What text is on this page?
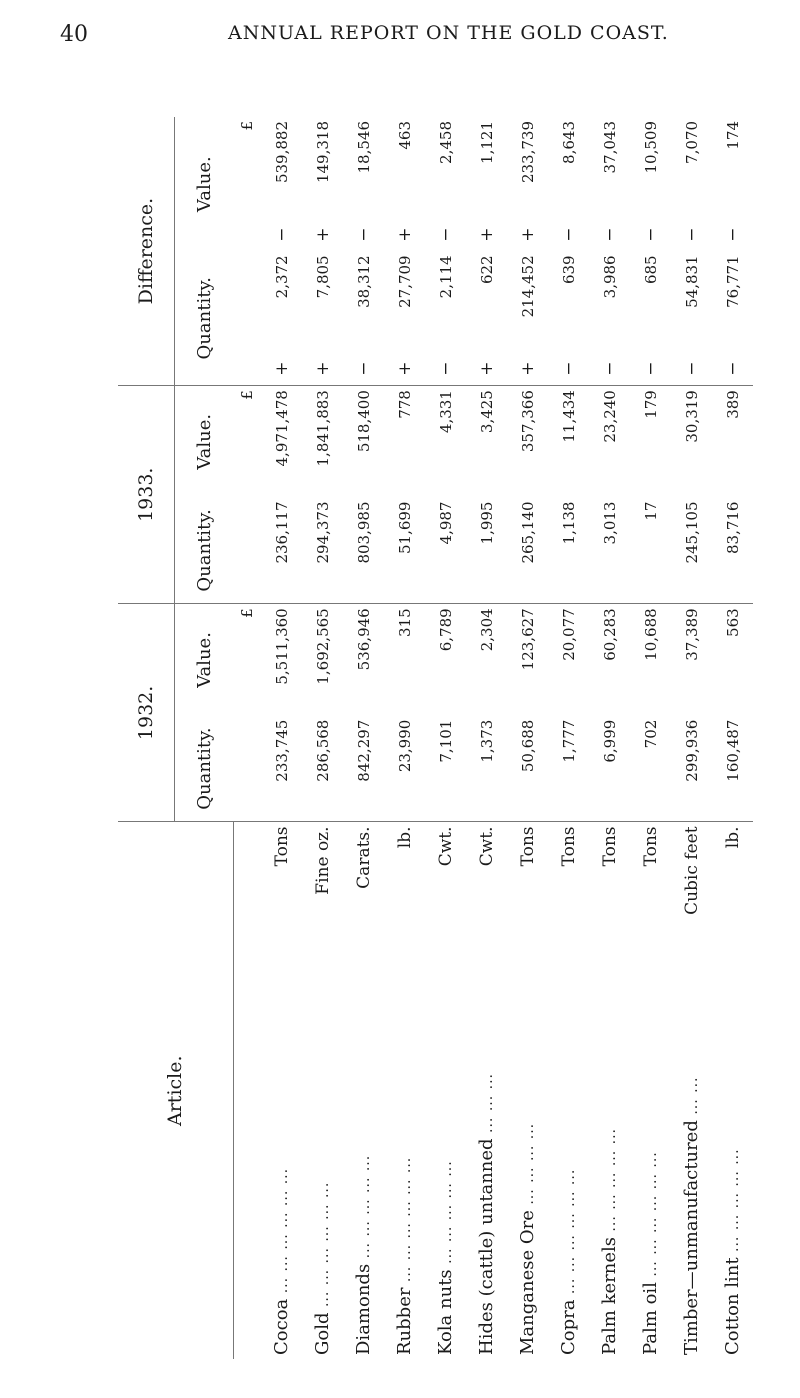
40	ANNUAL REPORT ON THE GOLD COAST.
Article.		1932.		1933.		Difference.			
		Quantity.	Value.	Quantity.	Value.	Quantity.		Value.	
			£		£			£	
Cocoa ... ... ... ... ... ...	Tons	233,745	5,511,360	236,117	4,971,478	+	2,372	−	539,882
Gold ... ... ... ... ... ...	Fine oz.	286,568	1,692,565	294,373	1,841,883	+	7,805	+	149,318
Diamonds ... ... ... ... ...	Carats.	842,297	536,946	803,985	518,400	−	38,312	−	18,546
Rubber ... ... ... ... ... ...	lb.	23,990	315	51,699	778	+	27,709	+	463
Kola nuts ... ... ... ... ...	Cwt.	7,101	6,789	4,987	4,331	−	2,114	−	2,458
Hides (cattle) untanned ... ... ...	Cwt.	1,373	2,304	1,995	3,425	+	622	+	1,121
Manganese Ore ... ... ... ...	Tons	50,688	123,627	265,140	357,366	+	214,452	+	233,739
Copra ... ... ... ... ... ...	Tons	1,777	20,077	1,138	11,434	−	639	−	8,643
Palm kernels ... ... ... ... ...	Tons	6,999	60,283	3,013	23,240	−	3,986	−	37,043
Palm oil ... ... ... ... ... ...	Tons	702	10,688	17	179	−	685	−	10,509
Timber—unmanufactured ... ...	Cubic feet	299,936	37,389	245,105	30,319	−	54,831	−	7,070
Cotton lint ... ... ... ... ...	lb.	160,487	563	83,716	389	−	76,771	−	174
